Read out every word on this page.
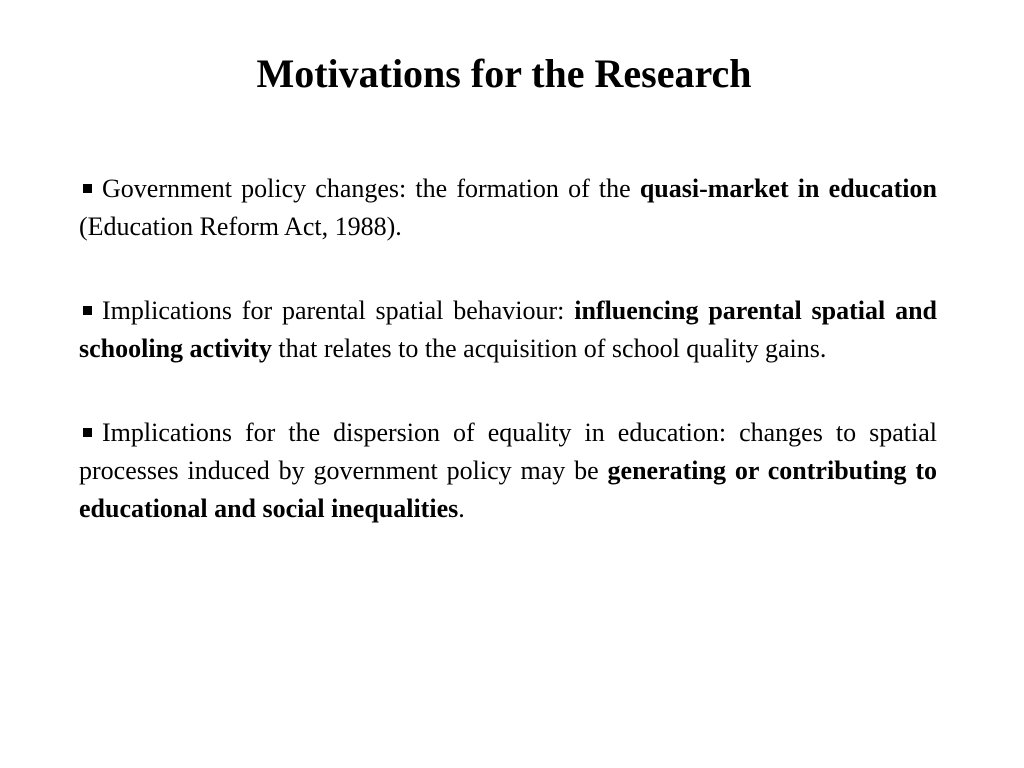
Motivations for the Research
Government policy changes: the formation of the quasi-market in education (Education Reform Act, 1988).
Implications for parental spatial behaviour: influencing parental spatial and schooling activity that relates to the acquisition of school quality gains.
Implications for the dispersion of equality in education: changes to spatial processes induced by government policy may be generating or contributing to educational and social inequalities.
